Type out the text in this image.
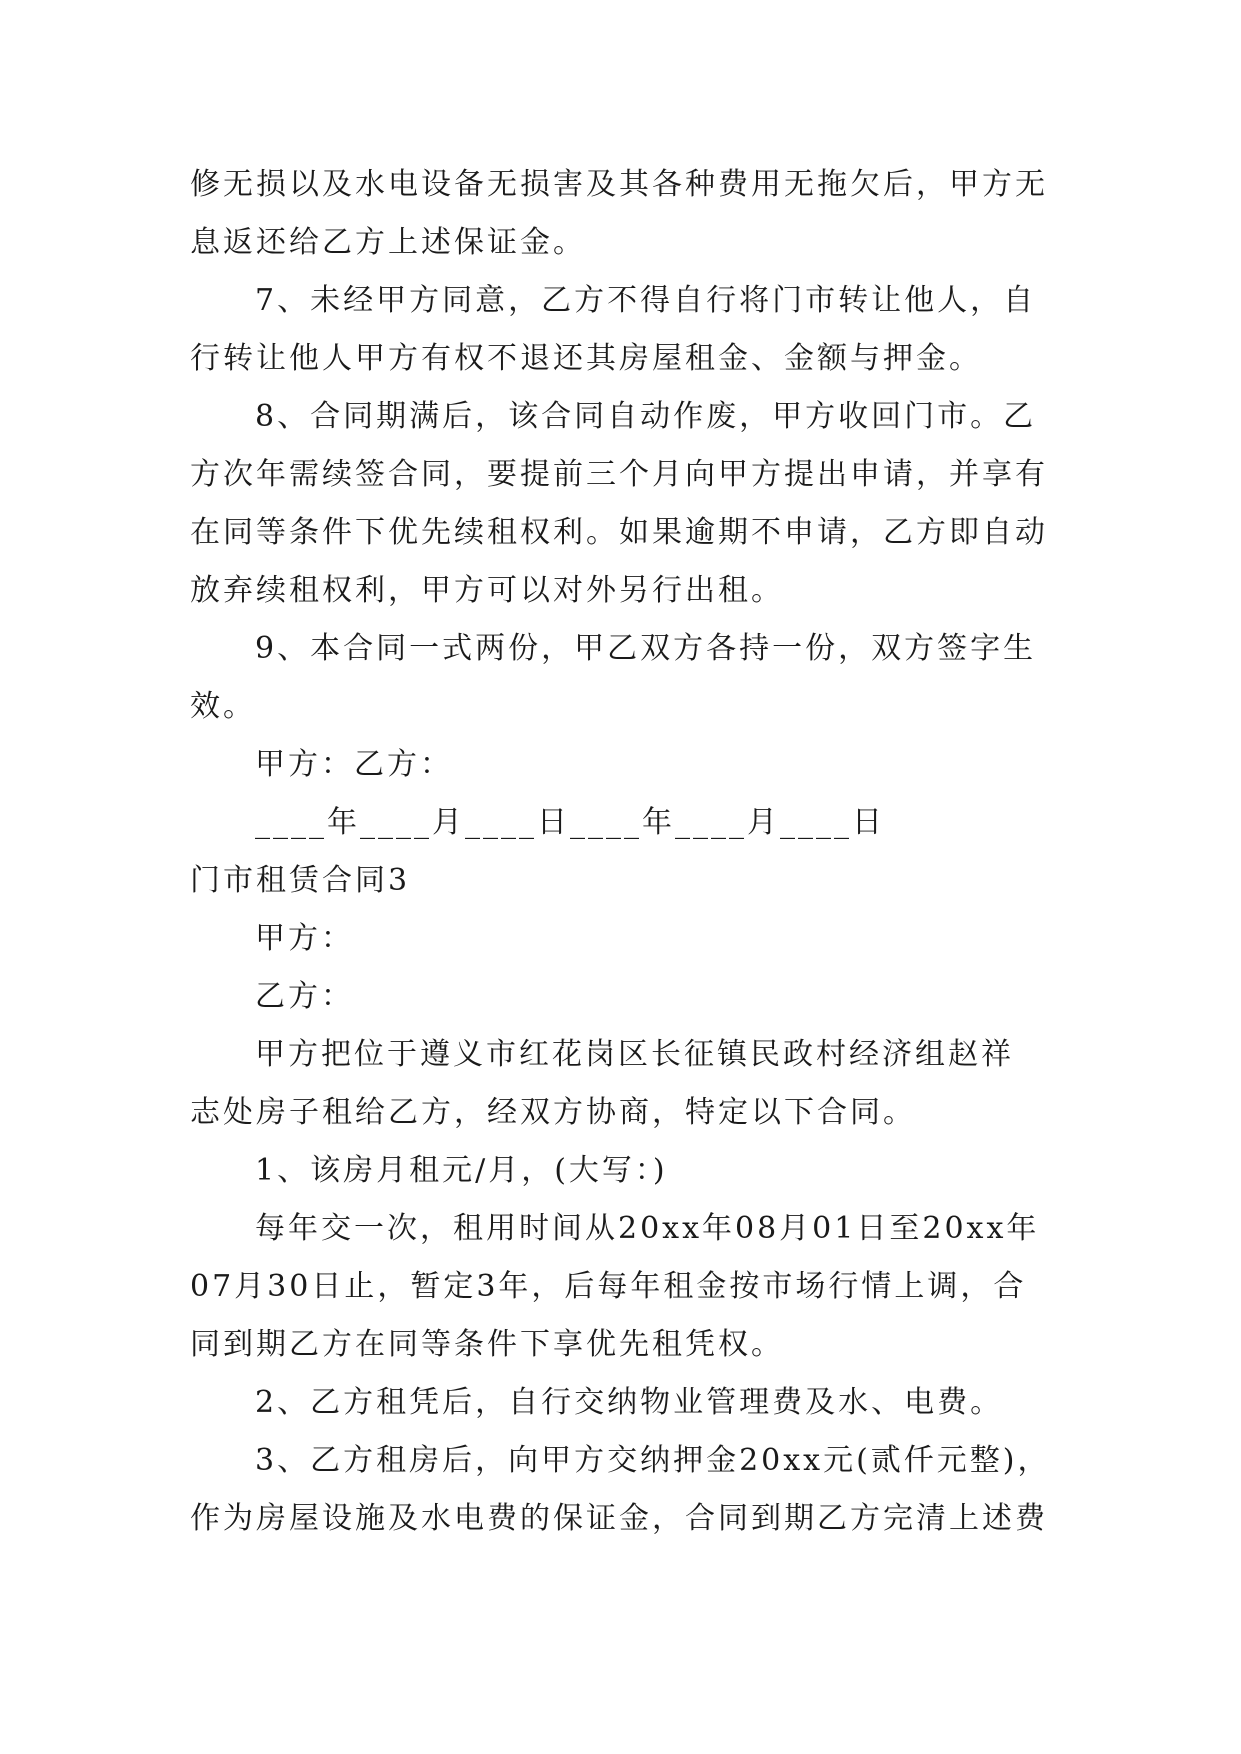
修无损以及水电设备无损害及其各种费用无拖欠后，甲方无
息返还给乙方上述保证金。
7、未经甲方同意，乙方不得自行将门市转让他人，自
行转让他人甲方有权不退还其房屋租金、金额与押金。
8、合同期满后，该合同自动作废，甲方收回门市。乙
方次年需续签合同，要提前三个月向甲方提出申请，并享有
在同等条件下优先续租权利。如果逾期不申请，乙方即自动
放弃续租权利，甲方可以对外另行出租。
9、本合同一式两份，甲乙双方各持一份，双方签字生
效。
甲方：乙方：
____年____月____日____年____月____日
门市租赁合同3
甲方：
乙方：
甲方把位于遵义市红花岗区长征镇民政村经济组赵祥
志处房子租给乙方，经双方协商，特定以下合同。
1、该房月租元/月，(大写：)
每年交一次，租用时间从20xx年08月01日至20xx年
07月30日止，暂定3年，后每年租金按市场行情上调，合
同到期乙方在同等条件下享优先租凭权。
2、乙方租凭后，自行交纳物业管理费及水、电费。
3、乙方租房后，向甲方交纳押金20xx元(贰仟元整)，
作为房屋设施及水电费的保证金，合同到期乙方完清上述费
